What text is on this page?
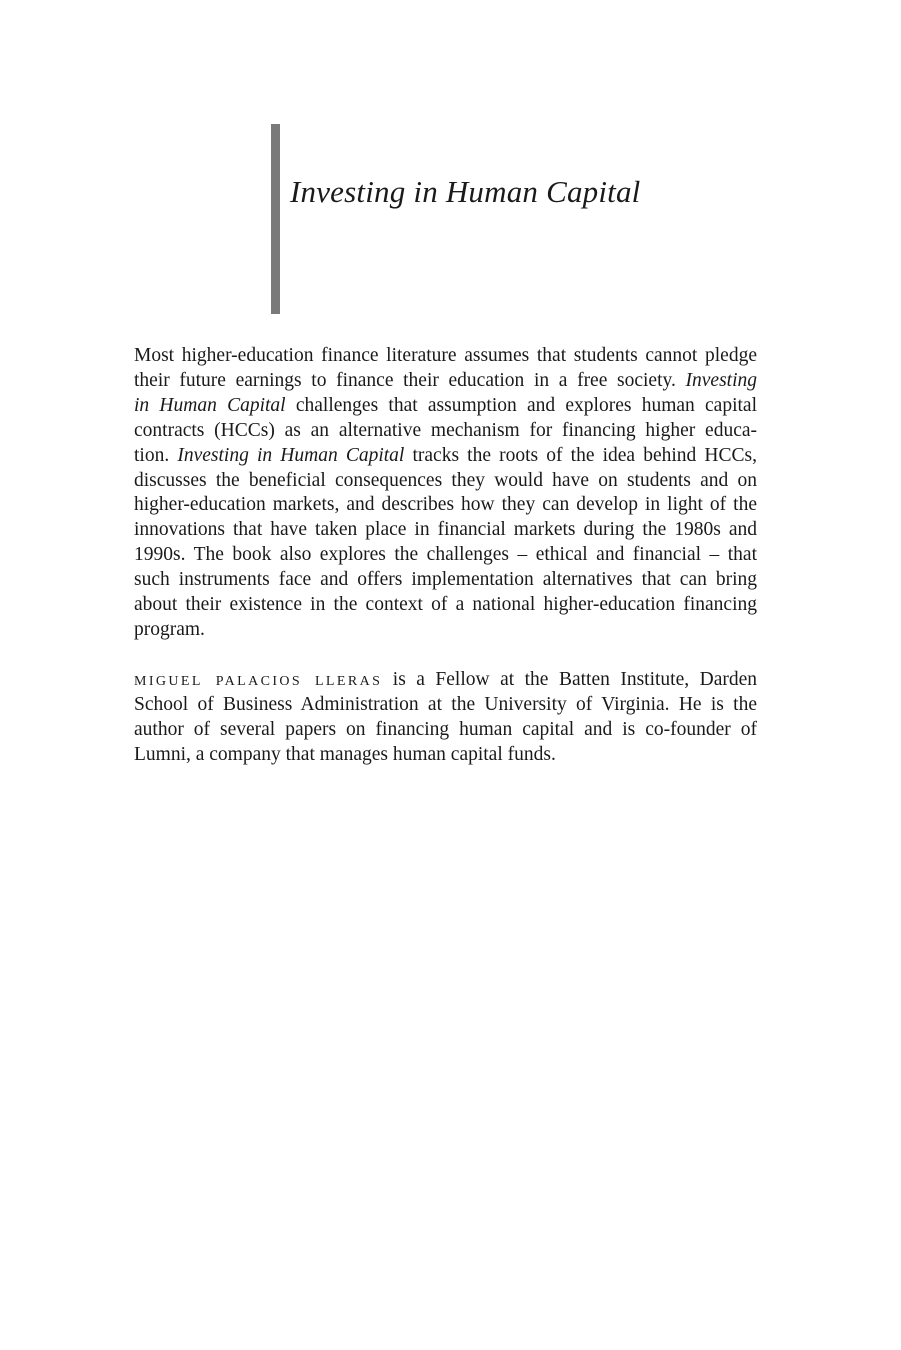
Investing in Human Capital
Most higher-education finance literature assumes that students cannot pledge
their future earnings to finance their education in a free society. Investing
in Human Capital challenges that assumption and explores human capital
contracts (HCCs) as an alternative mechanism for financing higher educa-
tion. Investing in Human Capital tracks the roots of the idea behind HCCs,
discusses the beneficial consequences they would have on students and on
higher-education markets, and describes how they can develop in light of the
innovations that have taken place in financial markets during the 1980s and
1990s. The book also explores the challenges – ethical and financial – that
such instruments face and offers implementation alternatives that can bring
about their existence in the context of a national higher-education financing
program.
miguel palacios lleras is a Fellow at the Batten Institute, Darden
School of Business Administration at the University of Virginia. He is the
author of several papers on financing human capital and is co-founder of
Lumni, a company that manages human capital funds.
